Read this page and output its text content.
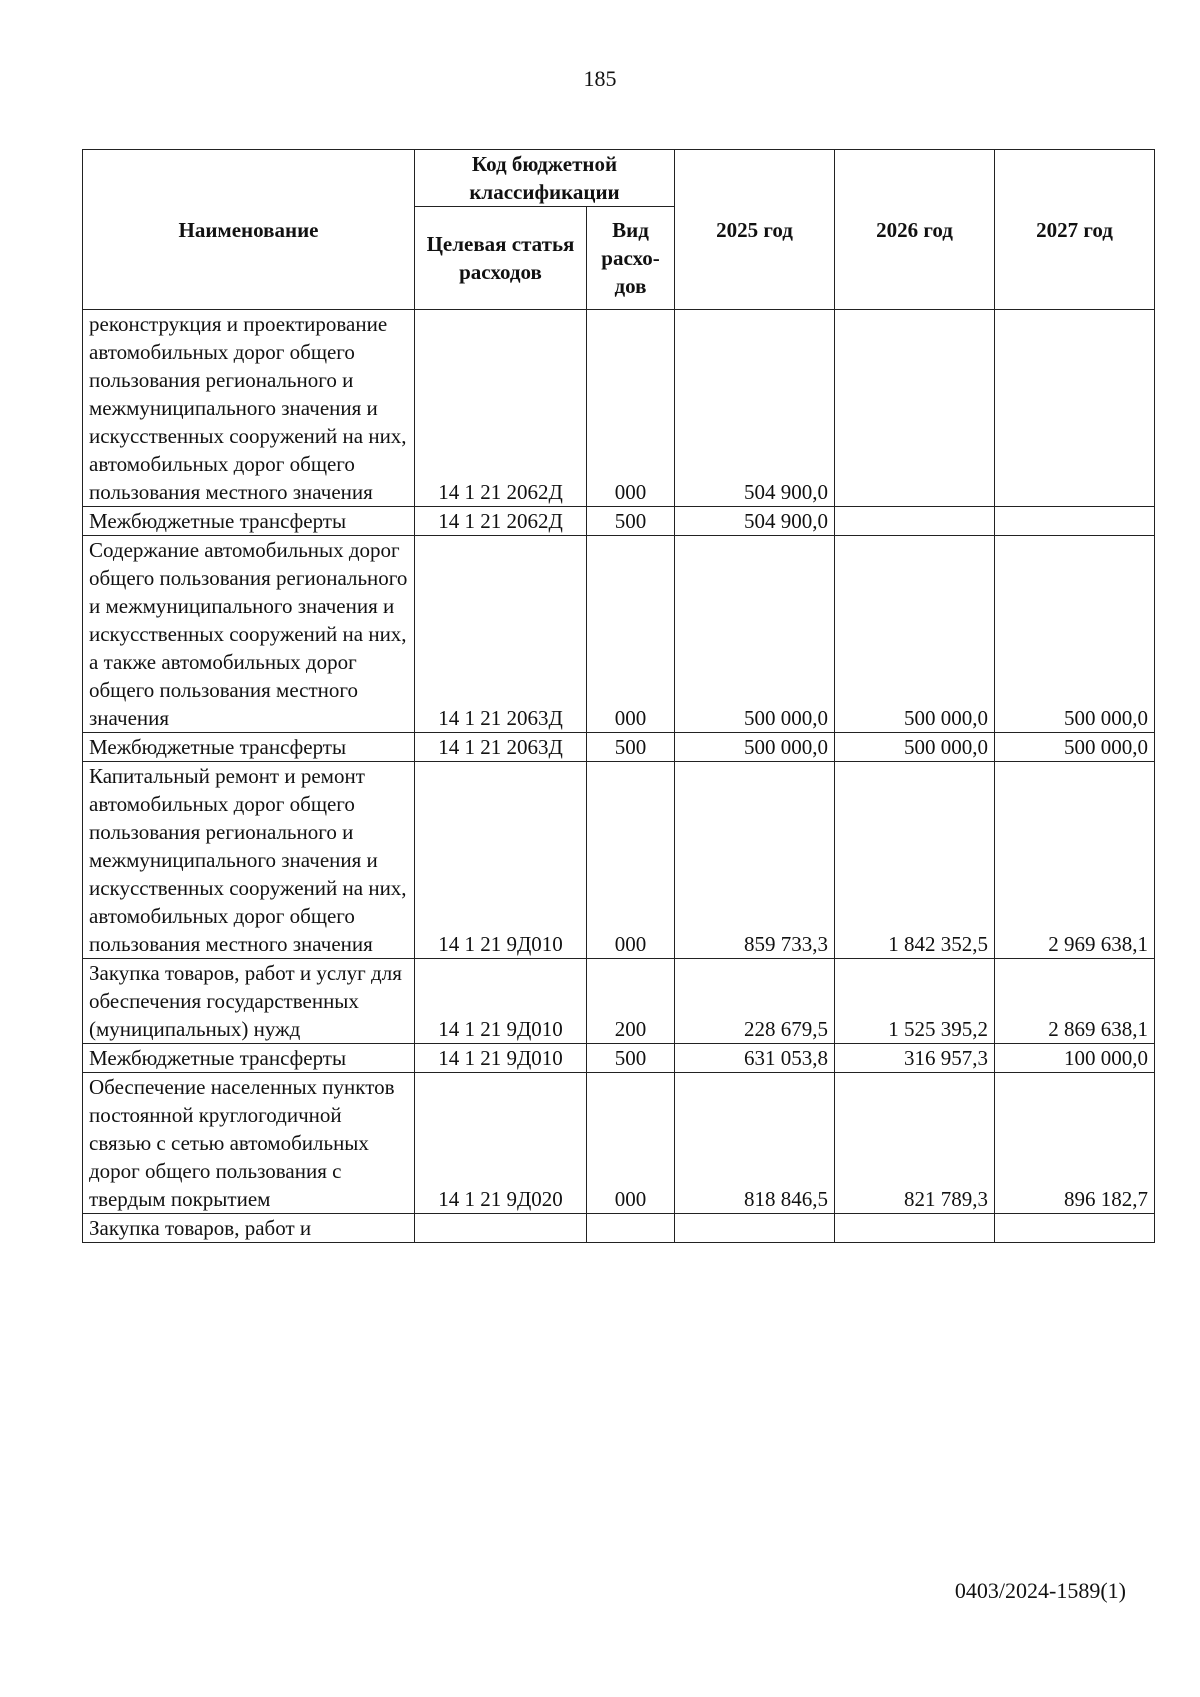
185
Наименование	Код бюджетной классификации		2025 год	2026 год	2027 год
	Целевая статья расходов	Вид расхо-дов			
реконструкция и проектирование автомобильных дорог общего пользования регионального и межмуниципального значения и искусственных сооружений на них, автомобильных дорог общего пользования местного значения	14 1 21 2062Д	000	504 900,0		
Межбюджетные трансферты	14 1 21 2062Д	500	504 900,0		
Содержание автомобильных дорог общего пользования регионального и межмуниципального значения и искусственных сооружений на них, а также автомобильных дорог общего пользования местного значения	14 1 21 2063Д	000	500 000,0	500 000,0	500 000,0
Межбюджетные трансферты	14 1 21 2063Д	500	500 000,0	500 000,0	500 000,0
Капитальный ремонт и ремонт автомобильных дорог общего пользования регионального и межмуниципального значения и искусственных сооружений на них, автомобильных дорог общего пользования местного значения	14 1 21 9Д010	000	859 733,3	1 842 352,5	2 969 638,1
Закупка товаров, работ и услуг для обеспечения государственных (муниципальных) нужд	14 1 21 9Д010	200	228 679,5	1 525 395,2	2 869 638,1
Межбюджетные трансферты	14 1 21 9Д010	500	631 053,8	316 957,3	100 000,0
Обеспечение населенных пунктов постоянной круглогодичной связью с сетью автомобильных дорог общего пользования с твердым покрытием	14 1 21 9Д020	000	818 846,5	821 789,3	896 182,7
Закупка товаров, работ и					
0403/2024-1589(1)
